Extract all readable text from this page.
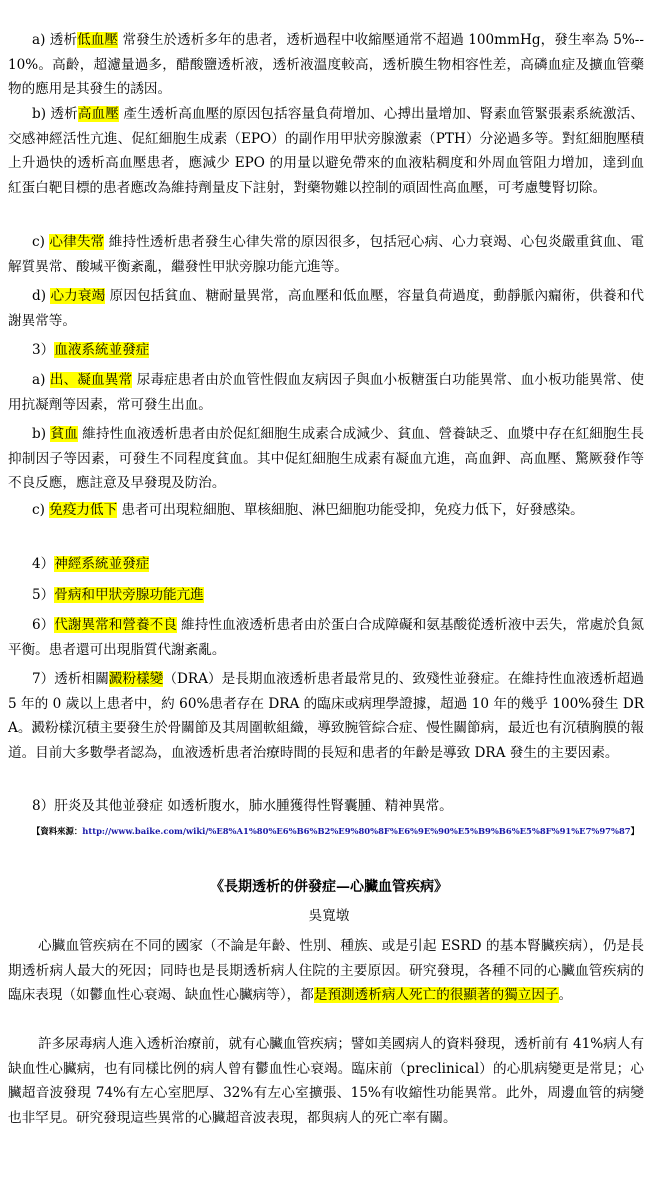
a) 透析低血壓 常發生於透析多年的患者，透析過程中收縮壓通常不超過 100mmHg，發生率為 5%--10%。高齡，超濾量過多，醋酸鹽透析液，透析液溫度較高，透析膜生物相容性差，高磷血症及擴血管藥物的應用是其發生的誘因。
b) 透析高血壓 產生透析高血壓的原因包括容量負荷增加、心搏出量增加、腎素血管緊張素系統激活、交感神經活性亢進、促紅細胞生成素（EPO）的副作用甲狀旁腺激素（PTH）分泌過多等。對紅細胞壓積上升過快的透析高血壓患者，應減少 EPO 的用量以避免帶來的血液粘稠度和外周血管阻力增加，達到血紅蛋白靶目標的患者應改為維持劑量皮下註射，對藥物難以控制的頑固性高血壓，可考慮雙腎切除。
c) 心律失常 維持性透析患者發生心律失常的原因很多，包括冠心病、心力衰竭、心包炎嚴重貧血、電解質異常、酸堿平衡紊亂，繼發性甲狀旁腺功能亢進等。
d) 心力衰竭 原因包括貧血、糖耐量異常，高血壓和低血壓，容量負荷過度，動靜脈內瘺術，供養和代謝異常等。
3）血液系統並發症
a) 出、凝血異常 尿毒症患者由於血管性假血友病因子與血小板糖蛋白功能異常、血小板功能異常、使用抗凝劑等因素，常可發生出血。
b) 貧血 維持性血液透析患者由於促紅細胞生成素合成減少、貧血、營養缺乏、血漿中存在紅細胞生長抑制因子等因素，可發生不同程度貧血。其中促紅細胞生成素有凝血亢進，高血鉀、高血壓、驚厥發作等不良反應，應註意及早發現及防治。
c) 免疫力低下 患者可出現粒細胞、單核細胞、淋巴細胞功能受抑，免疫力低下，好發感染。
4）神經系統並發症
5）骨病和甲狀旁腺功能亢進
6）代謝異常和營養不良 維持性血液透析患者由於蛋白合成障礙和氨基酸從透析液中丟失，常處於負氮平衡。患者還可出現脂質代謝紊亂。
7）透析相關澱粉樣變（DRA）是長期血液透析患者最常見的、致殘性並發症。在維持性血液透析超過 5 年的 0 歲以上患者中，約 60%患者存在 DRA 的臨床或病理學證據，超過 10 年的幾乎 100%發生 DRA。澱粉樣沉積主要發生於骨關節及其周圍軟組織，導致腕管綜合症、慢性關節病，最近也有沉積胸膜的報道。目前大多數學者認為，血液透析患者治療時間的長短和患者的年齡是導致 DRA 發生的主要因素。
8）肝炎及其他並發症 如透析腹水，肺水腫獲得性腎囊腫、精神異常。
【資料來源：http://www.baike.com/wiki/%E8%A1%80%E6%B6%B2%E9%80%8F%E6%9E%90%E5%B9%B6%E5%8F%91%E7%97%87】
《長期透析的併發症—心臟血管疾病》
吳寬墩
心臟血管疾病在不同的國家（不論是年齡、性別、種族、或是引起 ESRD 的基本腎臟疾病），仍是長期透析病人最大的死因；同時也是長期透析病人住院的主要原因。研究發現，各種不同的心臟血管疾病的臨床表現（如鬱血性心衰竭、缺血性心臟病等），都是預測透析病人死亡的很顯著的獨立因子。
許多尿毒病人進入透析治療前，就有心臟血管疾病；譬如美國病人的資料發現，透析前有 41%病人有缺血性心臟病，也有同樣比例的病人曾有鬱血性心衰竭。臨床前（preclinical）的心肌病變更是常見；心臟超音波發現 74%有左心室肥厚、32%有左心室擴張、15%有收縮性功能異常。此外，周邊血管的病變也非罕見。研究發現這些異常的心臟超音波表現，都與病人的死亡率有關。
